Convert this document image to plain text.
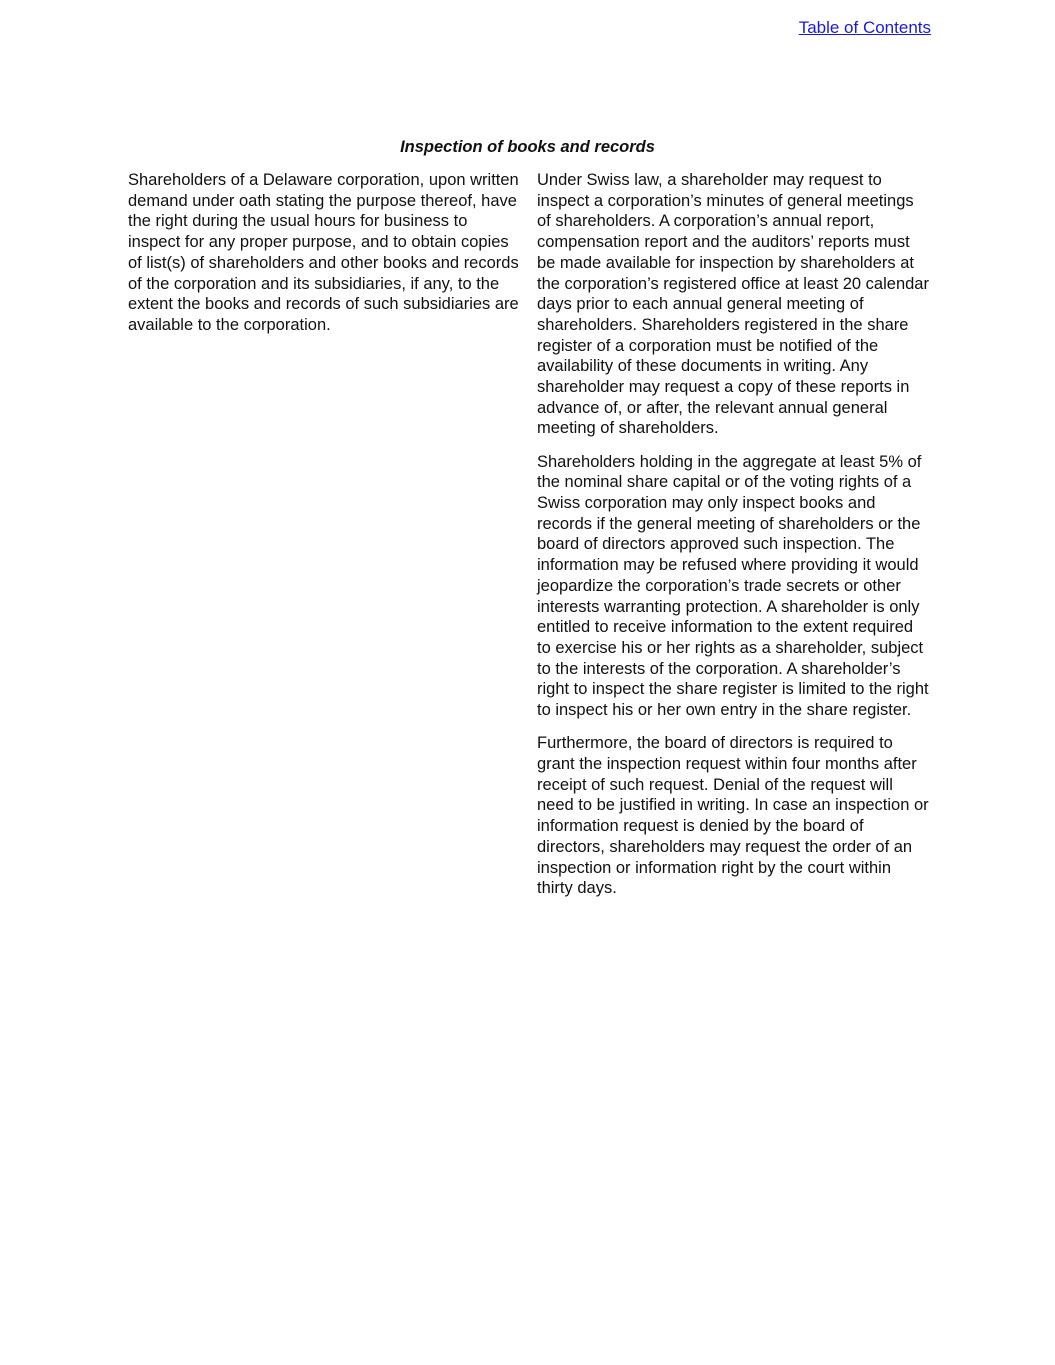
Table of Contents
Inspection of books and records

Shareholders of a Delaware corporation, upon written demand under oath stating the purpose thereof, have the right during the usual hours for business to inspect for any proper purpose, and to obtain copies of list(s) of shareholders and other books and records of the corporation and its subsidiaries, if any, to the extent the books and records of such subsidiaries are available to the corporation.

Under Swiss law, a shareholder may request to inspect a corporation’s minutes of general meetings of shareholders. A corporation’s annual report, compensation report and the auditors’ reports must be made available for inspection by shareholders at the corporation’s registered office at least 20 calendar days prior to each annual general meeting of shareholders. Shareholders registered in the share register of a corporation must be notified of the availability of these documents in writing. Any shareholder may request a copy of these reports in advance of, or after, the relevant annual general meeting of shareholders.

Shareholders holding in the aggregate at least 5% of the nominal share capital or of the voting rights of a Swiss corporation may only inspect books and records if the general meeting of shareholders or the board of directors approved such inspection. The information may be refused where providing it would jeopardize the corporation’s trade secrets or other interests warranting protection. A shareholder is only entitled to receive information to the extent required to exercise his or her rights as a shareholder, subject to the interests of the corporation. A shareholder’s right to inspect the share register is limited to the right to inspect his or her own entry in the share register.

Furthermore, the board of directors is required to grant the inspection request within four months after receipt of such request. Denial of the request will need to be justified in writing. In case an inspection or information request is denied by the board of directors, shareholders may request the order of an inspection or information right by the court within thirty days.
